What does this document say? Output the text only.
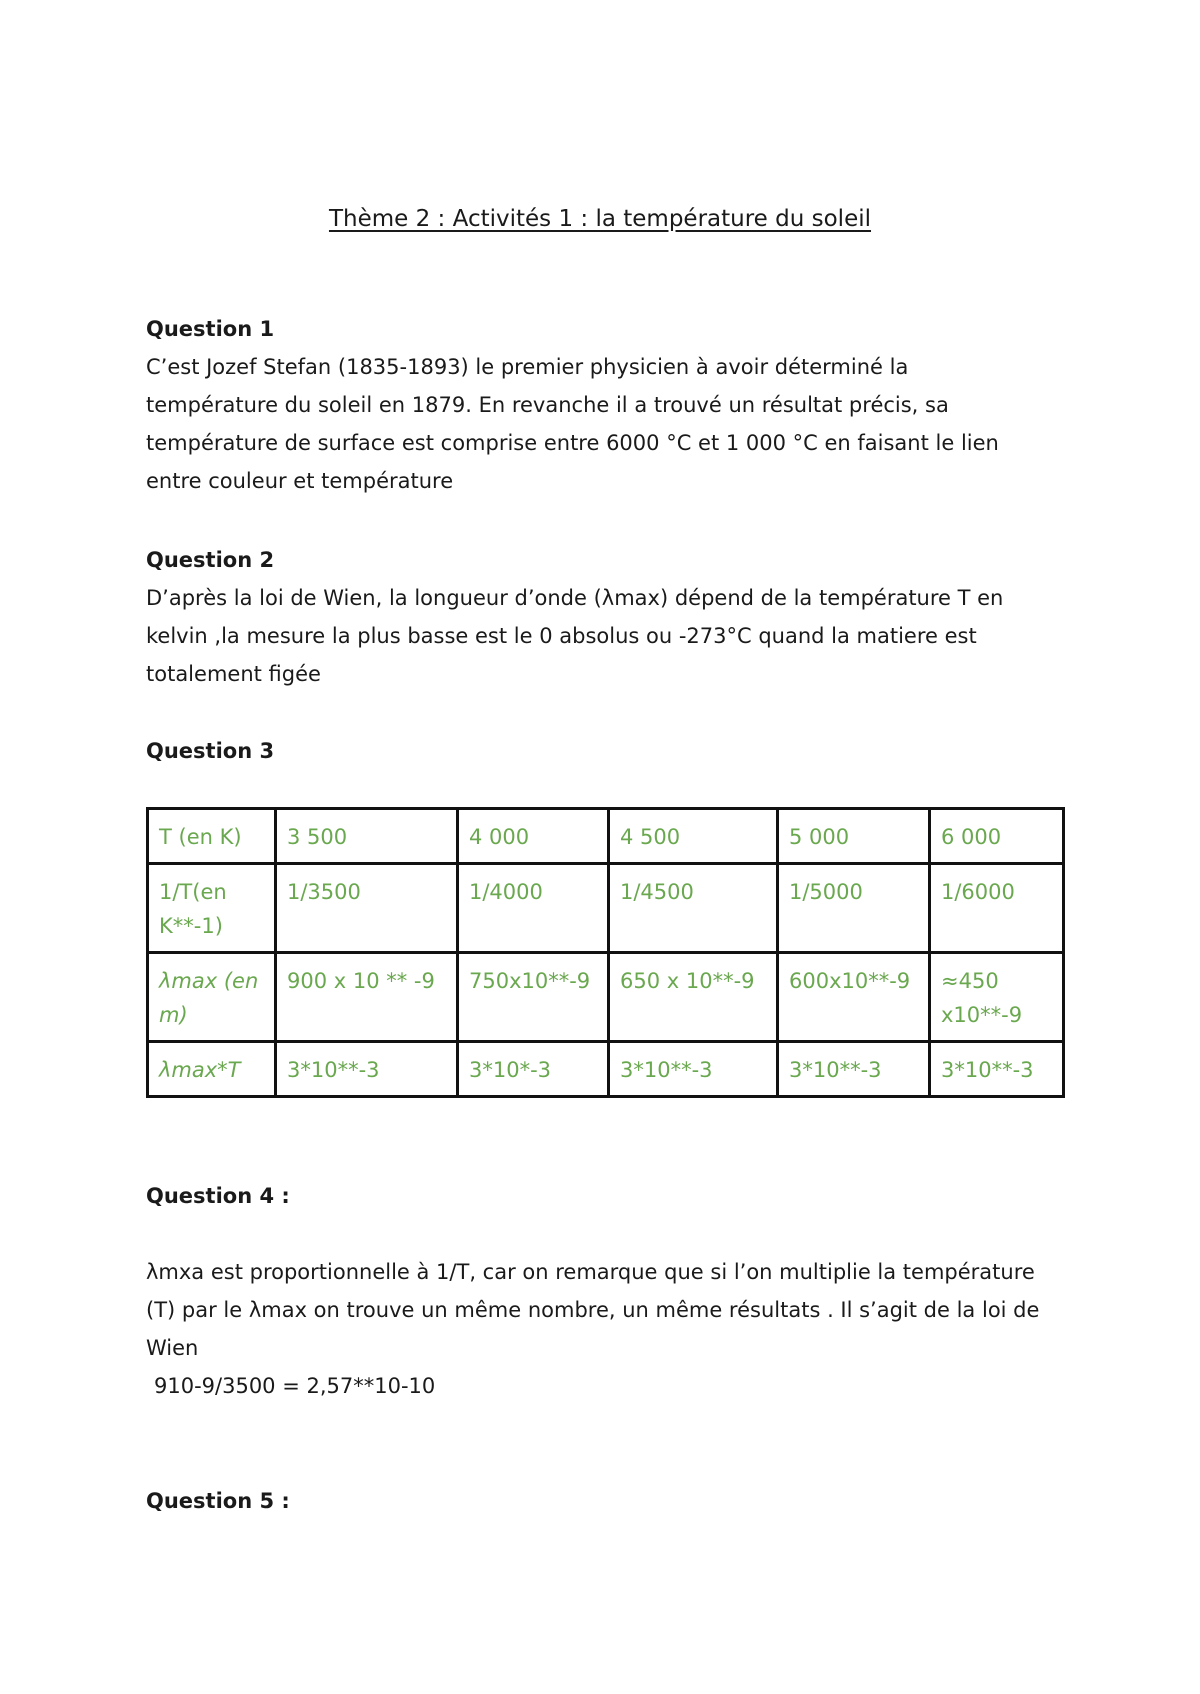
Thème 2 : Activités 1 : la température du soleil

Question 1

C’est Jozef Stefan (1835-1893) le premier physicien à avoir déterminé la

température du soleil en 1879. En revanche il a trouvé un résultat précis, sa

température de surface est comprise entre 6000 °C et 1 000 °C en faisant le lien

entre couleur et température

Question 2

D’après la loi de Wien, la longueur d’onde (λmax) dépend de la température T en

kelvin ,la mesure la plus basse est le 0 absolus ou -273°C quand la matiere est

totalement figée

Question 3

T (en K)	3 500	4 000	4 500	5 000	6 000
1/T(en K**-1)	1/3500	1/4000	1/4500	1/5000	1/6000
λmax (en m)	900 x 10 ** -9	750x10**-9	650 x 10**-9	600x10**-9	≈450 x10**-9
λmax*T	3*10**-3	3*10*-3	3*10**-3	3*10**-3	3*10**-3

Question 4 :

λmxa est proportionnelle à 1/T, car on remarque que si l’on multiplie la température

(T) par le λmax on trouve un même nombre, un même résultats . Il s’agit de la loi de

Wien

910-9/3500 = 2,57**10-10

Question 5 :
